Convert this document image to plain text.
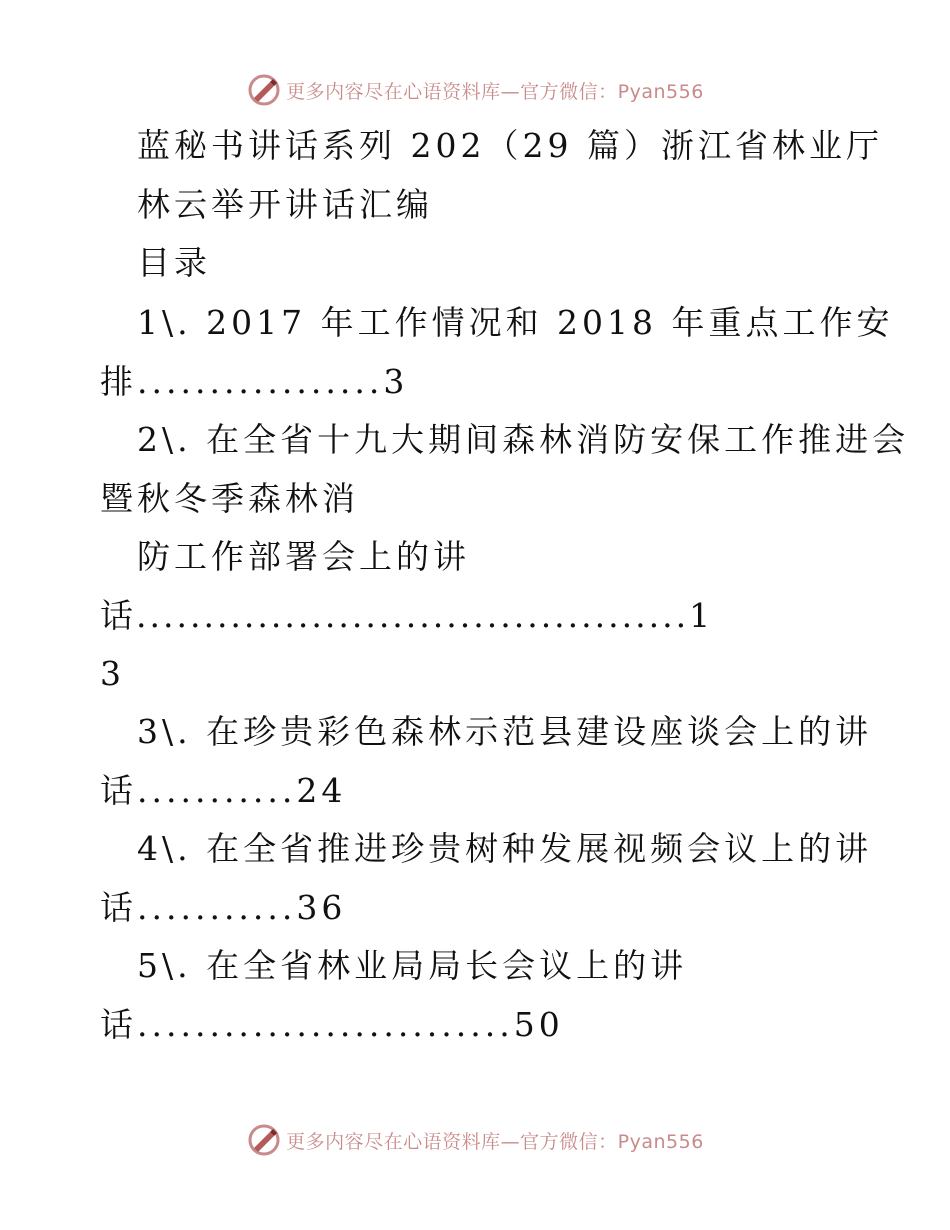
更多内容尽在心语资料库—官方微信：Pyan556
蓝秘书讲话系列 202（29 篇）浙江省林业厅
林云举开讲话汇编
目录
1\. 2017 年工作情况和 2018 年重点工作安
排.................3
2\. 在全省十九大期间森林消防安保工作推进会
暨秋冬季森林消
防工作部署会上的讲
话.........................................1
3
3\. 在珍贵彩色森林示范县建设座谈会上的讲
话...........24
4\. 在全省推进珍贵树种发展视频会议上的讲
话...........36
5\. 在全省林业局局长会议上的讲
话..........................50
更多内容尽在心语资料库—官方微信：Pyan556
